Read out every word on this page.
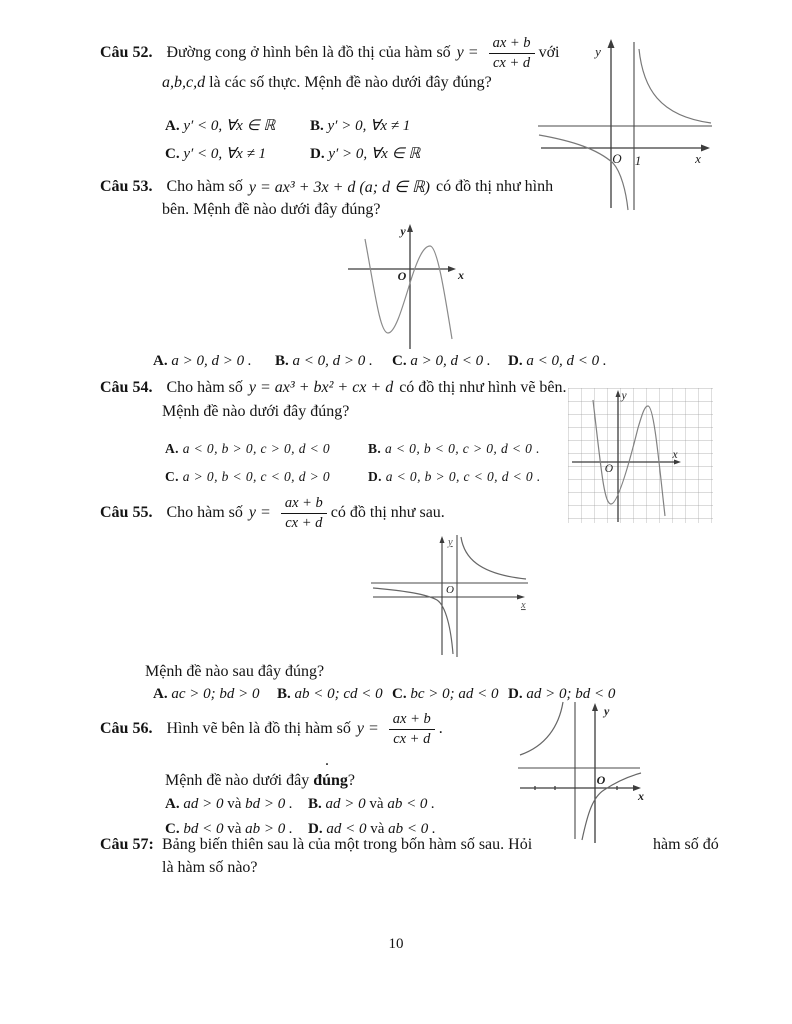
Câu 52. Đường cong ở hình bên là đồ thị của hàm số $y = \frac{ax + b}{cx + d}$ với
a,b,c,d là các số thực. Mệnh đề nào dưới đây đúng?
A. y′ < 0, ∀x ∈ ℝ B. y′ > 0, ∀x ≠ 1
C. y′ < 0, ∀x ≠ 1	D. y′ > 0, ∀x ∈ ℝ
y
x
O 1
Câu 53. Cho hàm số y = ax³ + 3x + d (a; d ∈ ℝ) có đồ thị như hình
bên. Mệnh đề nào dưới đây đúng?
y
O	x
A. a > 0, d > 0 . B. a < 0, d > 0 . C. a > 0, d < 0 . D. a < 0, d < 0 .
Câu 54. Cho hàm số y = ax³ + bx² + cx + d có đồ thị như hình vẽ bên.
Mệnh đề nào dưới đây đúng?
A. a < 0, b > 0, c > 0, d < 0	B. a < 0, b < 0, c > 0, d < 0 .
C. a > 0, b < 0, c < 0, d > 0	D. a < 0, b > 0, c < 0, d < 0 .
y
O
x
Câu 55. Cho hàm số $y = \frac{ax + b}{cx + d}$ có đồ thị như sau.
y
O
x
Mệnh đề nào sau đây đúng?
A. ac > 0; bd > 0 B. ab < 0; cd < 0 C. bc > 0; ad < 0 D. ad > 0; bd < 0
Câu 56. Hình vẽ bên là đồ thị hàm số $y = \frac{ax + b}{cx + d}$ .
.
Mệnh đề nào dưới đây đúng?
A. ad > 0 và bd > 0 . B. ad > 0 và ab < 0 .
C. bd < 0 và ab > 0 . D. ad < 0 và ab < 0 .
y
O
x
Câu 57: Bảng biến thiên sau là của một trong bốn hàm số sau. Hỏi	hàm số đó
là hàm số nào?
10
